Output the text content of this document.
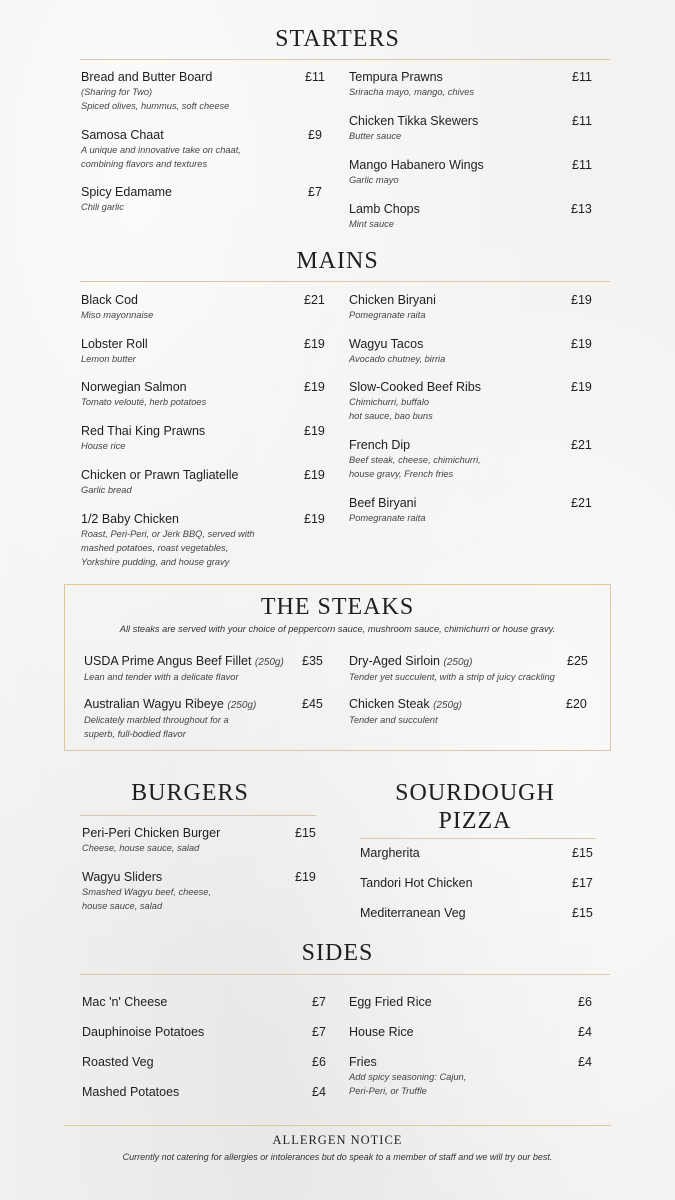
STARTERS
MAINS
THE STEAKS
All steaks are served with your choice of peppercorn sauce, mushroom sauce, chimichurri or house gravy.
BURGERS	SOURDOUGH
PIZZA
SIDES
Bread and Butter Board
(Sharing for Two)
Spiced olives, hummus, soft cheese
£11
Samosa Chaat
A unique and innovative take on chaat,
combining flavors and textures
£9
Spicy Edamame
Chili garlic
£7
Tempura Prawns
Sriracha mayo, mango, chives
£11
Chicken Tikka Skewers
Butter sauce
£11
Mango Habanero Wings
Garlic mayo
£11
Lamb Chops
Mint sauce
£13
Black Cod
Miso mayonnaise
£21
Lobster Roll
Lemon butter
£19
Norwegian Salmon
Tomato velouté, herb potatoes
£19
Red Thai King Prawns
House rice
£19
Chicken or Prawn Tagliatelle
Garlic bread
£19
1/2 Baby Chicken
Roast, Peri-Peri, or Jerk BBQ, served with
mashed potatoes, roast vegetables,
Yorkshire pudding, and house gravy
£19
Chicken Biryani
Pomegranate raita
£19
Wagyu Tacos
Avocado chutney, birria
£19
Slow-Cooked Beef Ribs
Chimichurri, buffalo
hot sauce, bao buns
£19
French Dip
Beef steak, cheese, chimichurri,
house gravy, French fries
£21
Beef Biryani
Pomegranate raita
£21
USDA Prime Angus Beef Fillet (250g)
Lean and tender with a delicate flavor
£35
Australian Wagyu Ribeye (250g)
Delicately marbled throughout for a
superb, full-bodied flavor
£45
Dry-Aged Sirloin (250g)
Tender yet succulent, with a strip of juicy crackling
£25
Chicken Steak (250g)
Tender and succulent
£20
Peri-Peri Chicken Burger
Cheese, house sauce, salad
£15
Wagyu Sliders
Smashed Wagyu beef, cheese,
house sauce, salad
£19
Margherita	£15
Tandori Hot Chicken	£17
Mediterranean Veg	£15
Mac 'n' Cheese	£7
Dauphinoise Potatoes	£7
Roasted Veg	£6
Mashed Potatoes	£4
Egg Fried Rice	£6
House Rice	£4
Fries
Add spicy seasoning: Cajun,
Peri-Peri, or Truffle
£4
ALLERGEN NOTICE
Currently not catering for allergies or intolerances but do speak to a member of staff and we will try our best.
